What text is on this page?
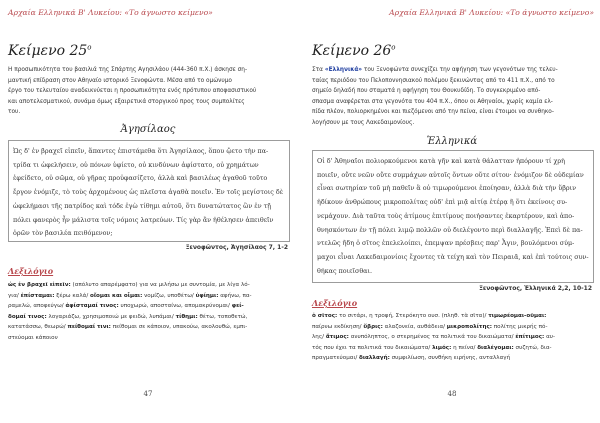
Αρχαία Ελληνικά Β' Λυκείου: «Το άγνωστο κείμενο»
Κείμενο $25^o$
Η προσωπικότητα του βασιλιά της Σπάρτης Αγησιλάου (444-360 π.Χ.) άσκησε ση-
μαντική επίδραση στον Αθηναίο ιστορικό Ξενοφώντα. Μέσα από το ομώνυμο
έργο του τελευταίου αναδεικνύεται η προσωπικότητα ενός πρότυπου αποφασιστικού
και αποτελεσματικού, συνάμα όμως εξαιρετικά στοργικού προς τους συμπολίτες
του.
Ἀγησίλαος
Ὡς δ' ἐν βραχεῖ εἰπεῖν, ἅπαντες ἐπιστάμεθα ὅτι Ἀγησίλαος, ὅπου ᾤετο τὴν πα-
τρίδα τι ὠφελήσειν, οὐ πόνων ὑφίετο, οὐ κινδύνων ἀφίστατο, οὐ χρημάτων
ἐφείδετο, οὐ σῶμα, οὐ γῆρας προὐφασίζετο, ἀλλὰ καὶ βασιλέως ἀγαθοῦ τοῦτο
ἔργον ἐνόμιζε, τὸ τοὺς ἀρχομένους ὡς πλεῖστα ἀγαθὰ ποιεῖν. Ἐν τοῖς μεγίστοις δὲ
ὠφελήμασι τῆς πατρίδος καὶ τόδε ἐγὼ τίθημι αὐτοῦ, ὅτι δυνατώτατος ὢν ἐν τῇ
πόλει φανερὸς ἦν μάλιστα τοῖς νόμοις λατρεύων. Τίς γὰρ ἂν ἠθέλησεν ἀπειθεῖν
ὁρῶν τὸν βασιλέα πειθόμενον;
Ξενοφῶντος, Ἀγησίλαος 7, 1-2
Λεξιλόγιο
ὡς ἐν βραχεῖ εἰπεῖν: (απόλυτο απαρέμφατο) για να μιλήσω με συντομία, με λίγα λό-
για/ ἐπίσταμαι: ξέρω καλά/ οἴομαι και οἶμαι: νομίζω, υποθέτω/ ὑφίημι: αφήνω, πα-
ραμελώ, αποφεύγω/ ἀφίσταμαί τινος: υποχωρώ, αποσταίνω, απομακρύνομαι/ φεί-
δομαί τινος: λογαριάζω, χρησιμοποιώ με φειδώ, λυπάμαι/ τίθημι: θέτω, τοποθετώ,
κατατάσσω, θεωρώ/ πείθομαί τινι: πείθομαι σε κάποιον, υπακούω, ακολουθώ, εμπι-
στεύομαι κάποιον
47
Αρχαία Ελληνικά Β' Λυκείου: «Το άγνωστο κείμενο»
Κείμενο $26^o$
Στα «Ελληνικά» του Ξενοφώντα συνεχίζει την αφήγηση των γεγονότων της τελευ-
ταίας περιόδου του Πελοποννησιακού πολέμου ξεκινώντας από το 411 π.Χ., από το
σημείο δηλαδή που σταματά η αφήγηση του Θουκυδίδη. Το συγκεκριμένο από-
σπασμα αναφέρεται στα γεγονότα του 404 π.Χ., όπου οι Αθηναίοι, χωρίς καμία ελ-
πίδα πλέον, πολιορκημένοι και πιεζόμενοι από την πείνα, είναι έτοιμοι να συνθηκο-
λογήσουν με τους Λακεδαιμονίους.
Ἑλληνικά
Οἱ δ' Ἀθηναῖοι πολιορκούμενοι κατὰ γῆν καὶ κατὰ θάλατταν ἠπόρουν τί χρὴ
ποιεῖν, οὔτε νεῶν οὔτε συμμάχων αὐτοῖς ὄντων οὔτε σίτου· ἐνόμιζον δὲ οὐδεμίαν
εἶναι σωτηρίαν τοῦ μὴ παθεῖν ἃ οὐ τιμωρούμενοι ἐποίησαν, ἀλλὰ διὰ τὴν ὕβριν
ἠδίκουν ἀνθρώπους μικροπολίτας οὐδ' ἐπὶ μιᾷ αἰτίᾳ ἑτέρᾳ ἢ ὅτι ἐκείνοις συ-
νεμάχουν. Διὰ ταῦτα τοὺς ἀτίμους ἐπιτίμους ποιήσαντες ἐκαρτέρουν, καὶ ἀπο-
θνησκόντων ἐν τῇ πόλει λιμῷ πολλῶν οὐ διελέγοντο περὶ διαλλαγῆς. Ἐπεὶ δὲ πα-
ντελῶς ἤδη ὁ σῖτος ἐπελελοίπει, ἐπεμψαν πρέσβεις παρ' Ἆγιν, βουλόμενοι σύμ-
μαχοι εἶναι Λακεδαιμονίοις ἔχοντες τὰ τείχη καὶ τὸν Πειραιᾶ, καὶ ἐπὶ τούτοις συν-
θήκας ποιεῖσθαι.
Ξενοφῶντος, Ἑλληνικά 2,2, 10-12
Λεξιλόγιο
ὁ σῖτος: το σιτάρι, η τροφή, Στερόκητο ουσ. (πληθ. τὰ σῖτα)/ τιμωρέομαι-οῦμαι:
παίρνω εκδίκηση/ ὕβρις: αλαζονεία, αυθάδεια/ μικροπολίτης: πολίτης μικρής πό-
λης/ ἄτιμος: ανυπόληπτος, ο στερημένος τα πολιτικά του δικαιώματα/ ἐπίτιμος: αυ-
τός που έχει τα πολιτικά του δικαιώματα/ λιμός: η πείνα/ διαλέγομαι: συζητώ, δια-
πραγματεύομαι/ διαλλαγή: συμφιλίωση, συνθήκη ειρήνης, ανταλλαγή
48
